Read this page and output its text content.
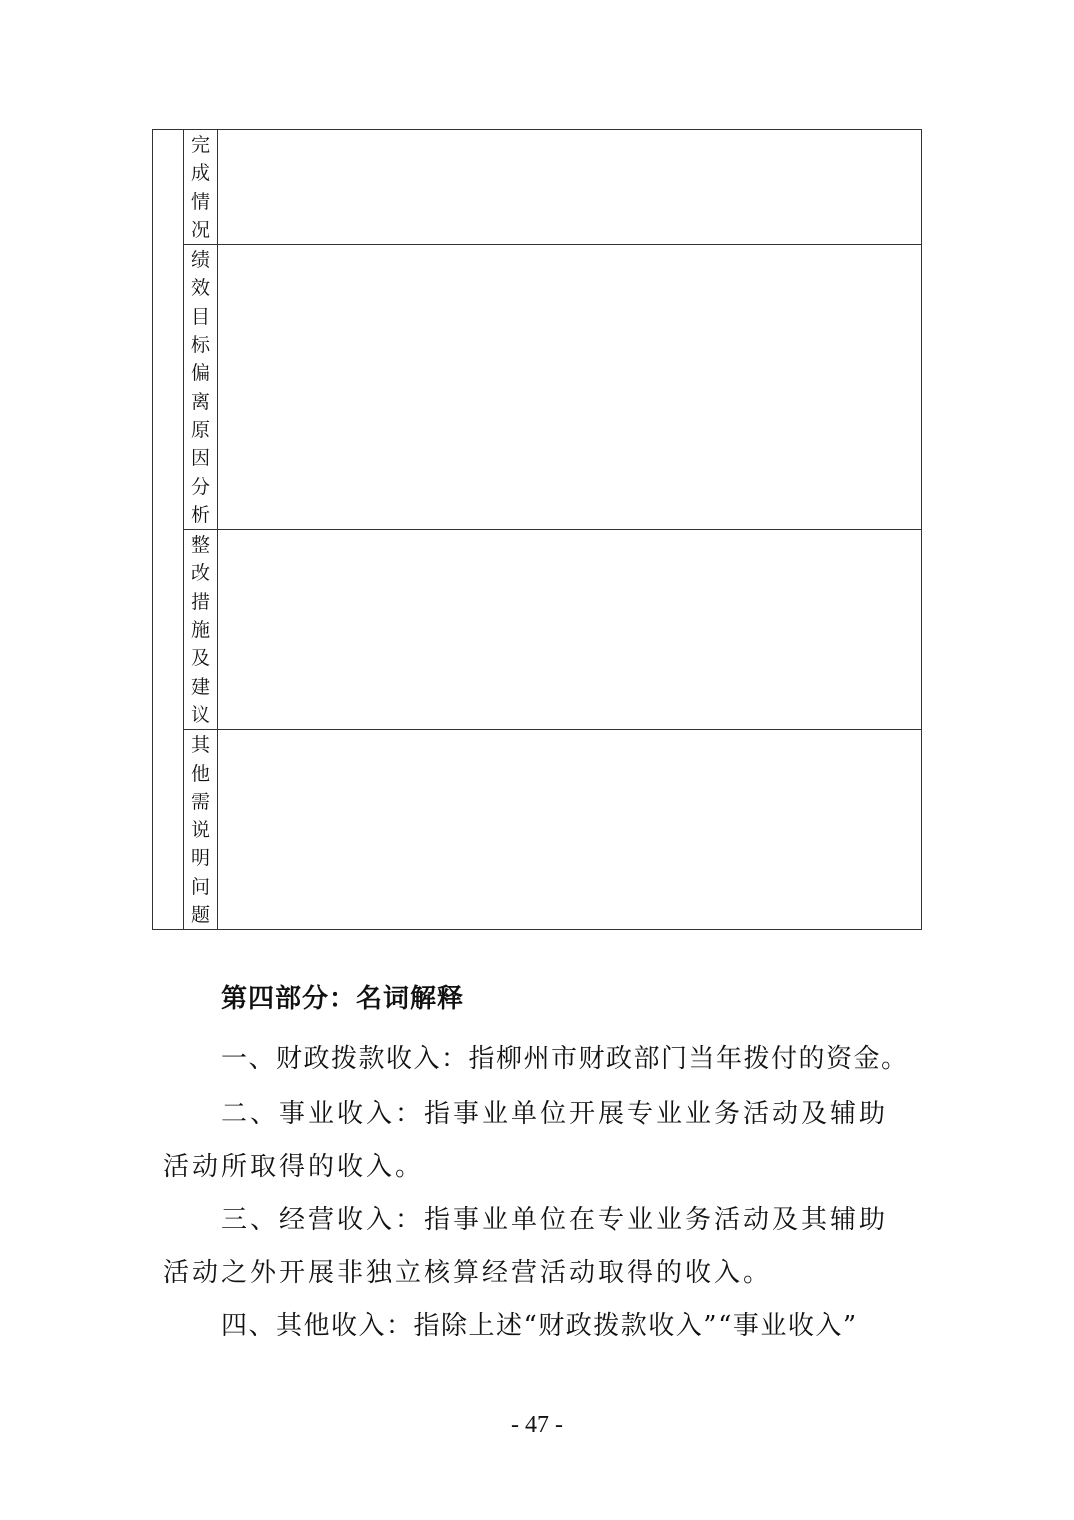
	完成情况	

	绩效目标偏离原因分析	

	整改措施及建议	

	其他需说明问题	

第四部分：名词解释
一、财政拨款收入：指柳州市财政部门当年拨付的资金。
二、事业收入：指事业单位开展专业业务活动及辅助活动所取得的收入。
三、经营收入：指事业单位在专业业务活动及其辅助活动之外开展非独立核算经营活动取得的收入。
四、其他收入：指除上述“财政拨款收入”“事业收入”
- 47 -
